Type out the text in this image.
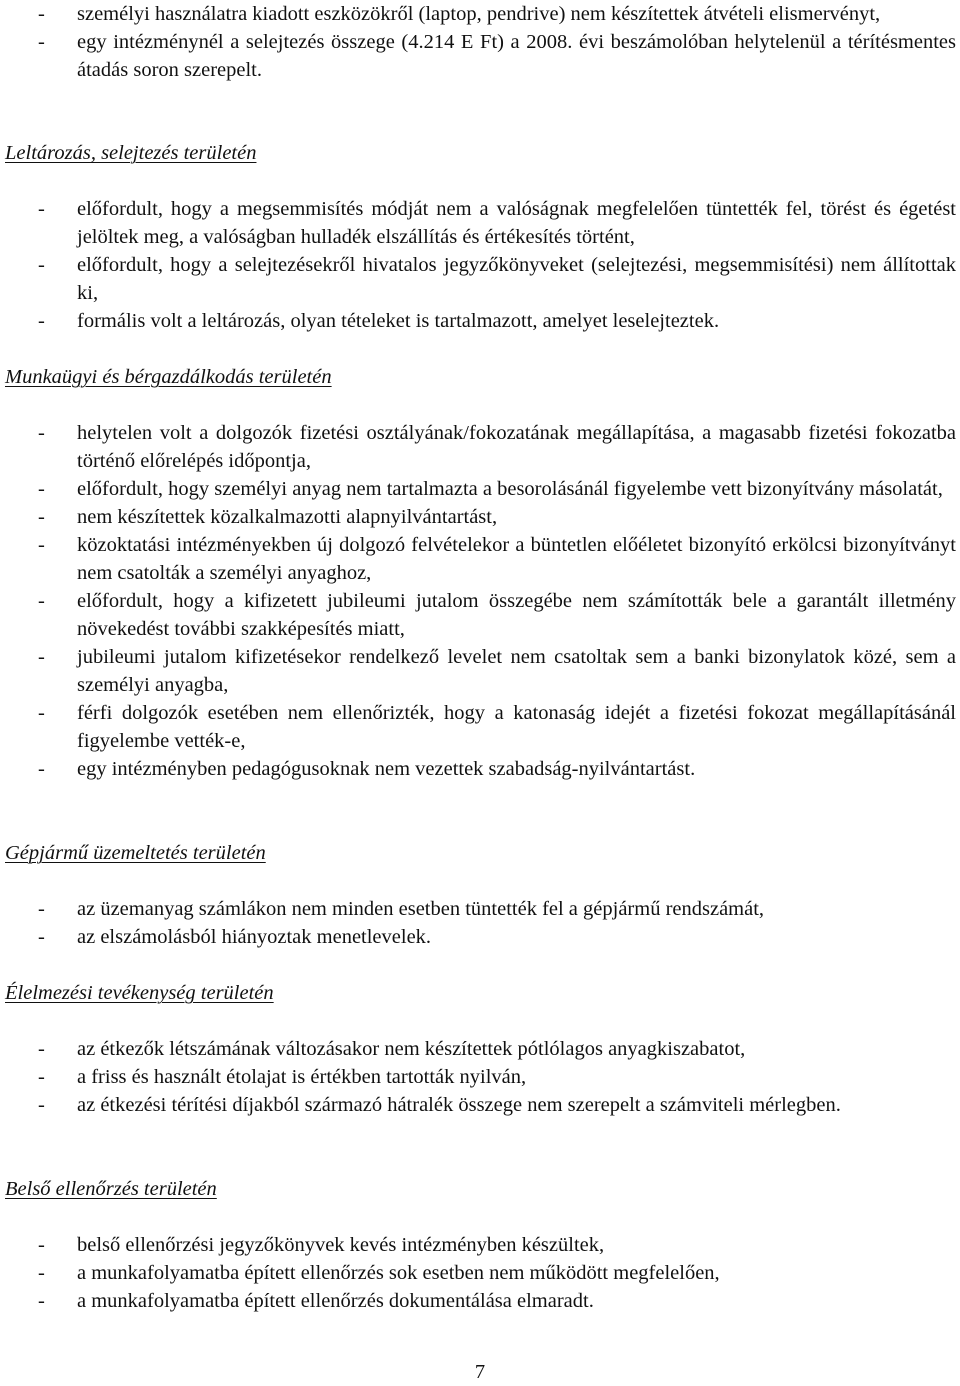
- személyi használatra kiadott eszközökről (laptop, pendrive) nem készítettek átvételi elismervényt,
- egy intézménynél a selejtezés összege (4.214 E Ft) a 2008. évi beszámolóban helytelenül a térítésmentes átadás soron szerepelt.
Leltározás, selejtezés területén
- előfordult, hogy a megsemmisítés módját nem a valóságnak megfelelően tüntették fel, törést és égetést jelöltek meg, a valóságban hulladék elszállítás és értékesítés történt,
- előfordult, hogy a selejtezésekről hivatalos jegyzőkönyveket (selejtezési, megsemmisítési) nem állítottak ki,
- formális volt a leltározás, olyan tételeket is tartalmazott, amelyet leselejteztek.
Munkaügyi és bérgazdálkodás területén
- helytelen volt a dolgozók fizetési osztályának/fokozatának megállapítása, a magasabb fizetési fokozatba történő előrelépés időpontja,
- előfordult, hogy személyi anyag nem tartalmazta a besorolásánál figyelembe vett bizonyítvány másolatát,
- nem készítettek közalkalmazotti alapnyilvántartást,
- közoktatási intézményekben új dolgozó felvételekor a büntetlen előéletet bizonyító erkölcsi bizonyítványt nem csatolták a személyi anyaghoz,
- előfordult, hogy a kifizetett jubileumi jutalom összegébe nem számították bele a garantált illetmény növekedést további szakképesítés miatt,
- jubileumi jutalom kifizetésekor rendelkező levelet nem csatoltak sem a banki bizonylatok közé, sem a személyi anyagba,
- férfi dolgozók esetében nem ellenőrizték, hogy a katonaság idejét a fizetési fokozat megállapításánál figyelembe vették-e,
- egy intézményben pedagógusoknak nem vezettek szabadság-nyilvántartást.
Gépjármű üzemeltetés területén
- az üzemanyag számlákon nem minden esetben tüntették fel a gépjármű rendszámát,
- az elszámolásból hiányoztak menetlevelek.
Élelmezési tevékenység területén
- az étkezők létszámának változásakor nem készítettek pótlólagos anyagkiszabatot,
- a friss és használt étolajat is értékben tartották nyilván,
- az étkezési térítési díjakból származó hátralék összege nem szerepelt a számviteli mérlegben.
Belső ellenőrzés területén
- belső ellenőrzési jegyzőkönyvek kevés intézményben készültek,
- a munkafolyamatba épített ellenőrzés sok esetben nem működött megfelelően,
- a munkafolyamatba épített ellenőrzés dokumentálása elmaradt.
7
